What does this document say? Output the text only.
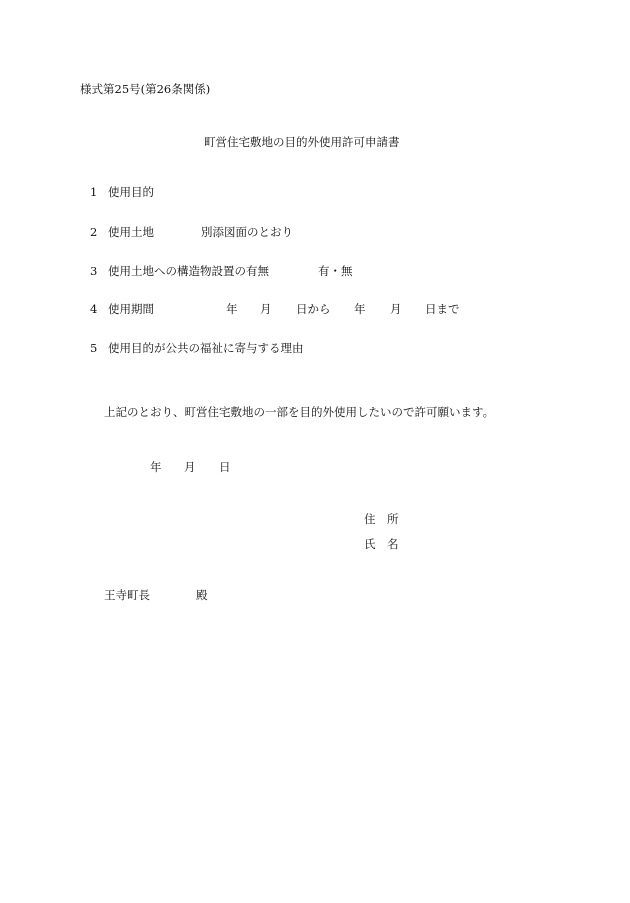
様式第25号(第26条関係)
町営住宅敷地の目的外使用許可申請書
1 使用目的
2 使用土地	別添図面のとおり
3 使用土地への構造物設置の有無	有・無
4 使用期間	年 月 日から 年 月 日まで
5 使用目的が公共の福祉に寄与する理由
上記のとおり、町営住宅敷地の一部を目的外使用したいので許可願います。
年 月 日
住　所
氏　名
王寺町長	殿
